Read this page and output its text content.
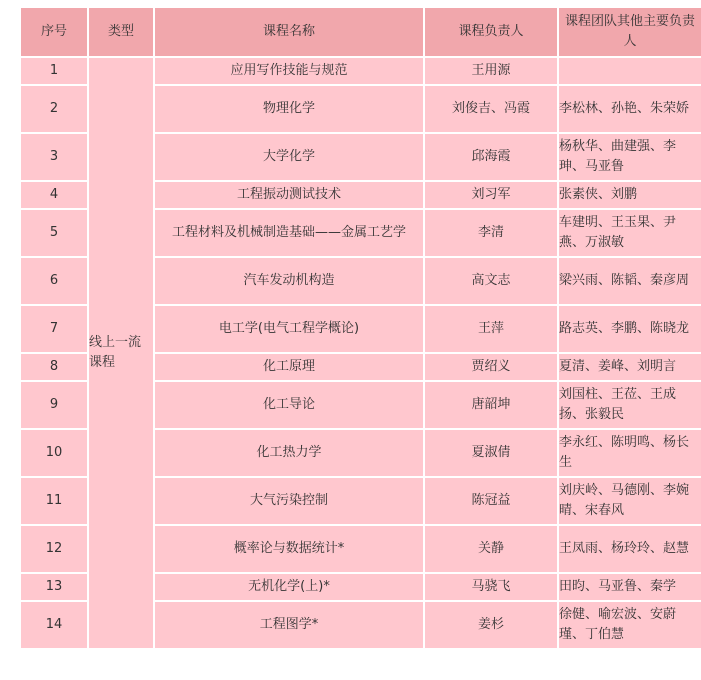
序号	类型	课程名称	课程负责人	课程团队其他主要负责人
1	线上一流课程	应用写作技能与规范	王用源	
2		物理化学	刘俊吉、冯霞	李松林、孙艳、朱荣娇
3		大学化学	邱海霞	杨秋华、曲建强、李珅、马亚鲁
4		工程振动测试技术	刘习军	张素侠、刘鹏
5		工程材料及机械制造基础——金属工艺学	李清	车建明、王玉果、尹燕、万淑敏
6		汽车发动机构造	高文志	梁兴雨、陈韬、秦彦周
7		电工学(电气工程学概论)	王萍	路志英、李鹏、陈晓龙
8		化工原理	贾绍义	夏清、姜峰、刘明言
9		化工导论	唐韶坤	刘国柱、王莅、王成扬、张毅民
10		化工热力学	夏淑倩	李永红、陈明鸣、杨长生
11		大气污染控制	陈冠益	刘庆岭、马德刚、李婉晴、宋春风
12		概率论与数据统计*	关静	王凤雨、杨玲玲、赵慧
13		无机化学(上)*	马骁飞	田昀、马亚鲁、秦学
14		工程图学*	姜杉	徐健、喻宏波、安蔚瑾、丁伯慧
